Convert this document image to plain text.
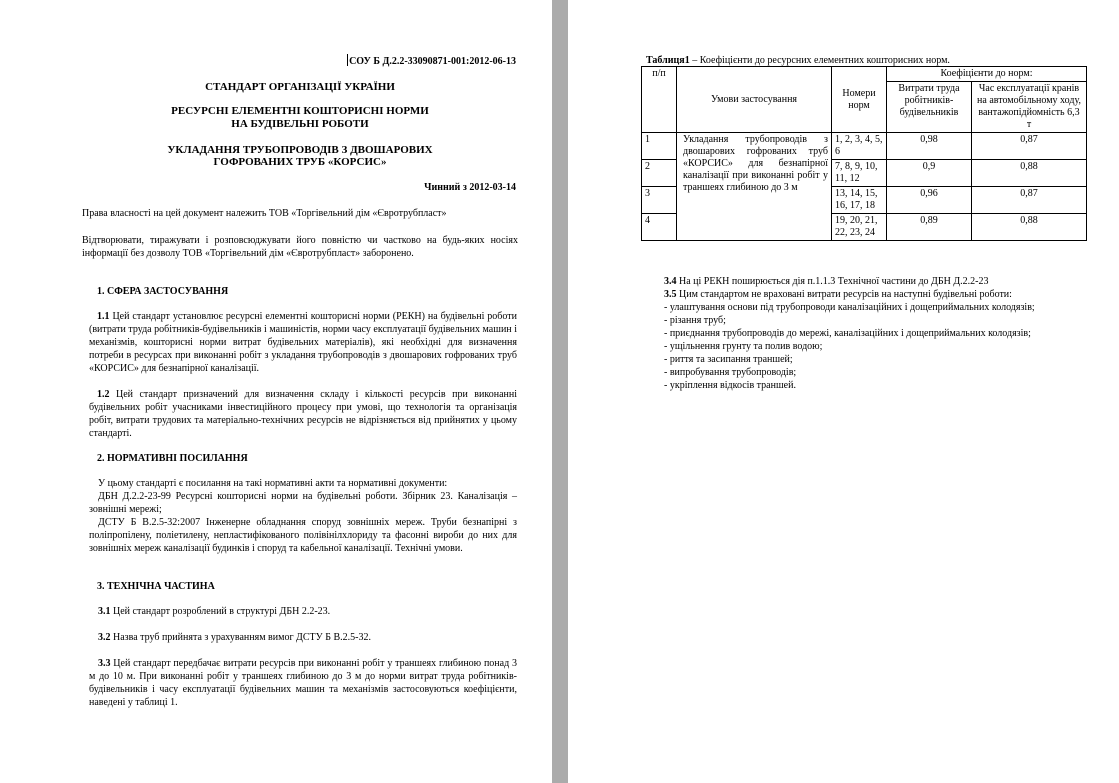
СОУ Б Д.2.2-33090871-001:2012-06-13
СТАНДАРТ ОРГАНІЗАЦІЇ УКРАЇНИ
РЕСУРСНІ ЕЛЕМЕНТНІ КОШТОРИСНІ НОРМИ
НА БУДІВЕЛЬНІ РОБОТИ
УКЛАДАННЯ ТРУБОПРОВОДІВ З ДВОШАРОВИХ
ГОФРОВАНИХ ТРУБ «КОРСИС»
Чинний з 2012-03-14

Права власності на цей документ належить ТОВ «Торгівельний дім «Євротрубпласт»

Відтворювати, тиражувати і розповсюджувати його повністю чи частково на будь-яких носіях інформації без дозволу ТОВ «Торгівельний дім «Євротрубпласт» заборонено.

1. СФЕРА ЗАСТОСУВАННЯ

1.1 Цей стандарт установлює ресурсні елементні кошторисні норми (РЕКН) на будівельні роботи (витрати труда робітників-будівельників і машиністів, норми часу експлуатації будівельних машин і механізмів, кошторисні норми витрат будівельних матеріалів), які необхідні для визначення потреби в ресурсах при виконанні робіт з укладання трубопроводів з двошарових гофрованих труб «КОРСИС» для безнапірної каналізації.

1.2 Цей стандарт призначений для визначення складу і кількості ресурсів при виконанні будівельних робіт учасниками інвестиційного процесу при умові, що технологія та організація робіт, витрати трудових та матеріально-технічних ресурсів не відрізняється від прийнятих у цьому стандарті.

2. НОРМАТИВНІ ПОСИЛАННЯ

У цьому стандарті є посилання на такі нормативні акти та нормативні документи:

ДБН Д.2.2-23-99 Ресурсні кошторисні норми на будівельні роботи. Збірник 23. Каналізація – зовнішні мережі;

ДСТУ Б В.2.5-32:2007 Інженерне обладнання споруд зовнішніх мереж. Труби безнапірні з поліпропілену, поліетилену, непластифікованого полівінілхлориду та фасонні вироби до них для зовнішніх мереж каналізації будинків і споруд та кабельної каналізації. Технічні умови.

3. ТЕХНІЧНА ЧАСТИНА

3.1 Цей стандарт розроблений в структурі ДБН 2.2-23.

3.2 Назва труб прийнята з урахуванням вимог ДСТУ Б В.2.5-32.

3.3 Цей стандарт передбачає витрати ресурсів при виконанні робіт у траншеях глибиною понад 3 м до 10 м. При виконанні робіт у траншеях глибиною до 3 м до норми витрат труда робітників-будівельників і часу експлуатації будівельних машин та механізмів застосовуються коефіцієнти, наведені у таблиці 1.

Таблиця1 – Коефіцієнти до ресурсних елементних кошторисних норм.
п/п	Умови застосування	Номери норм	Коефіцієнти до норм:	
			Витрати труда робітників-будівельників	Час експлуатації кранів на автомобільному ходу, вантажопідйомність 6,3 т
1	Укладання трубопроводів з двошарових гофрованих труб «КОРСИС» для безнапірної каналізації при виконанні робіт у траншеях глибиною до 3 м	1, 2, 3, 4, 5, 6	0,98	0,87
2		7, 8, 9, 10, 11, 12	0,9	0,88
3		13, 14, 15, 16, 17, 18	0,96	0,87
4		19, 20, 21, 22, 23, 24	0,89	0,88

3.4 На ці РЕКН поширюється дія п.1.1.3 Технічної частини до ДБН Д.2.2-23

3.5 Цим стандартом не враховані витрати ресурсів на наступні будівельні роботи:

- улаштування основи під трубопроводи каналізаційних і дощеприймальних колодязів;
- різання труб;
- приєднання трубопроводів до мережі, каналізаційних і дощеприймальних колодязів;
- ущільнення грунту та полив водою;
- риття та засипання траншей;
- випробування трубопроводів;
- укріплення відкосів траншей.
